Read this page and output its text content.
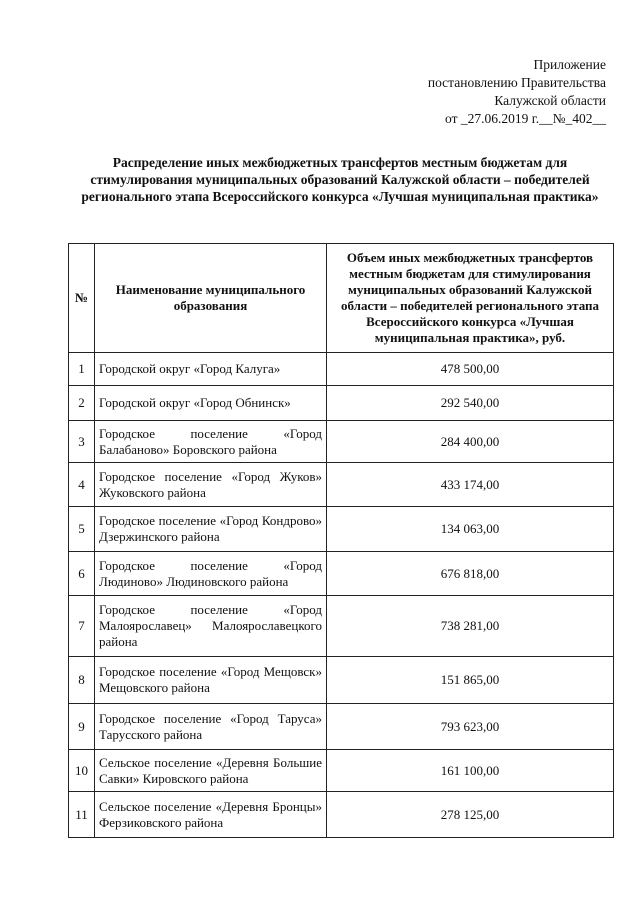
Приложение
постановлению Правительства
Калужской области
от _27.06.2019 г.__№_402__
Распределение иных межбюджетных трансфертов местным бюджетам для стимулирования муниципальных образований Калужской области – победителей регионального этапа Всероссийского конкурса «Лучшая муниципальная практика»
№	Наименование муниципального образования	Объем иных межбюджетных трансфертов местным бюджетам для стимулирования муниципальных образований Калужской области – победителей регионального этапа Всероссийского конкурса «Лучшая муниципальная практика», руб.
1	Городской округ «Город Калуга»	478 500,00
2	Городской округ «Город Обнинск»	292 540,00
3	Городское поселение «Город Балабаново» Боровского района	284 400,00
4	Городское поселение «Город Жуков» Жуковского района	433 174,00
5	Городское поселение «Город Кондрово» Дзержинского района	134 063,00
6	Городское поселение «Город Людиново» Людиновского района	676 818,00
7	Городское поселение «Город Малоярославец» Малоярославецкого района	738 281,00
8	Городское поселение «Город Мещовск» Мещовского района	151 865,00
9	Городское поселение «Город Таруса» Тарусского района	793 623,00
10	Сельское поселение «Деревня Большие Савки» Кировского района	161 100,00
11	Сельское поселение «Деревня Бронцы» Ферзиковского района	278 125,00
